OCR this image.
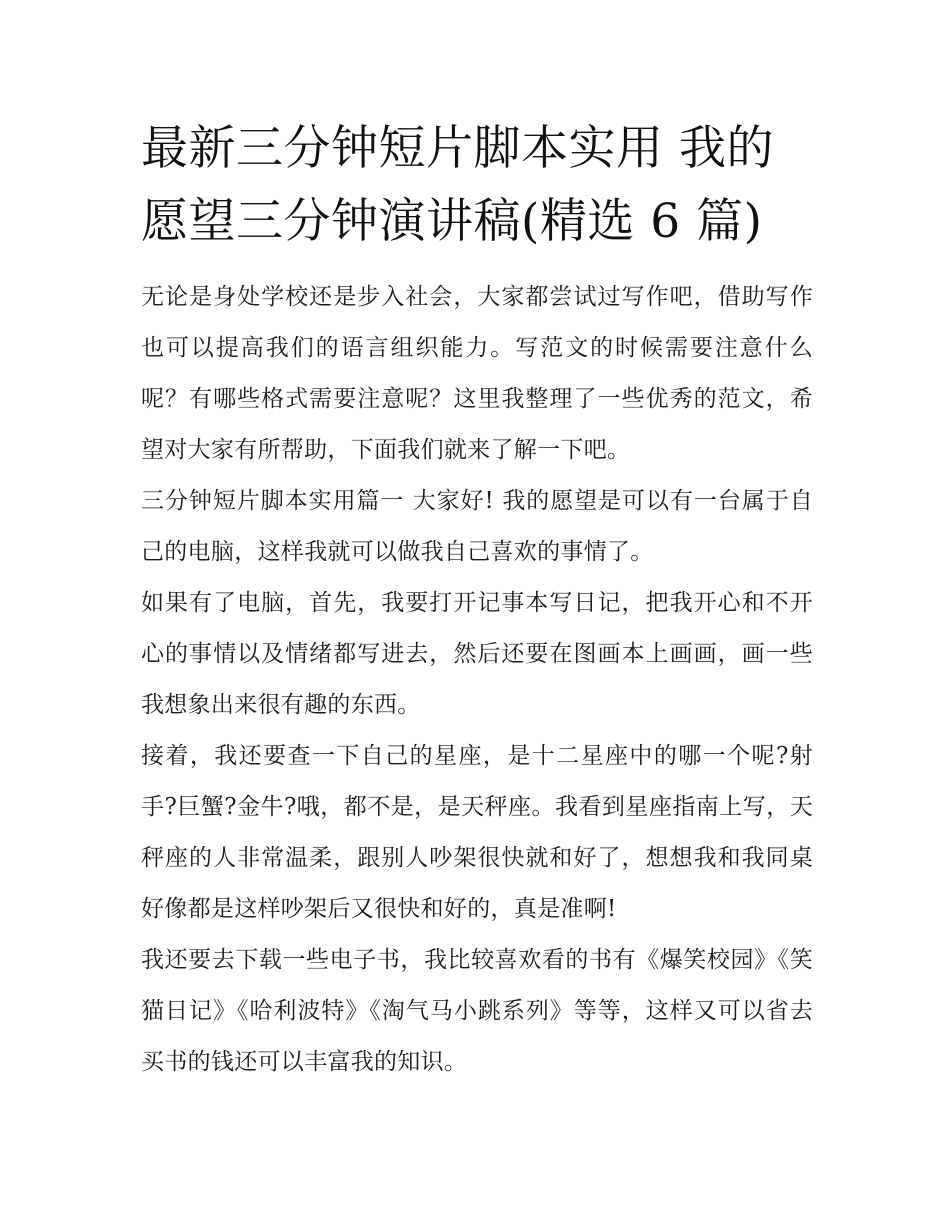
最新三分钟短片脚本实用 我的愿望三分钟演讲稿(精选 6 篇)

无论是身处学校还是步入社会，大家都尝试过写作吧，借助写作也可以提高我们的语言组织能力。写范文的时候需要注意什么呢？有哪些格式需要注意呢？这里我整理了一些优秀的范文，希望对大家有所帮助，下面我们就来了解一下吧。

三分钟短片脚本实用篇一 大家好! 我的愿望是可以有一台属于自己的电脑，这样我就可以做我自己喜欢的事情了。

如果有了电脑，首先，我要打开记事本写日记，把我开心和不开心的事情以及情绪都写进去，然后还要在图画本上画画，画一些我想象出来很有趣的东西。

接着，我还要查一下自己的星座，是十二星座中的哪一个呢?射手?巨蟹?金牛?哦，都不是，是天秤座。我看到星座指南上写，天秤座的人非常温柔，跟别人吵架很快就和好了，想想我和我同桌好像都是这样吵架后又很快和好的，真是准啊!

我还要去下载一些电子书，我比较喜欢看的书有《爆笑校园》《笑猫日记》《哈利波特》《淘气马小跳系列》等等，这样又可以省去买书的钱还可以丰富我的知识。
